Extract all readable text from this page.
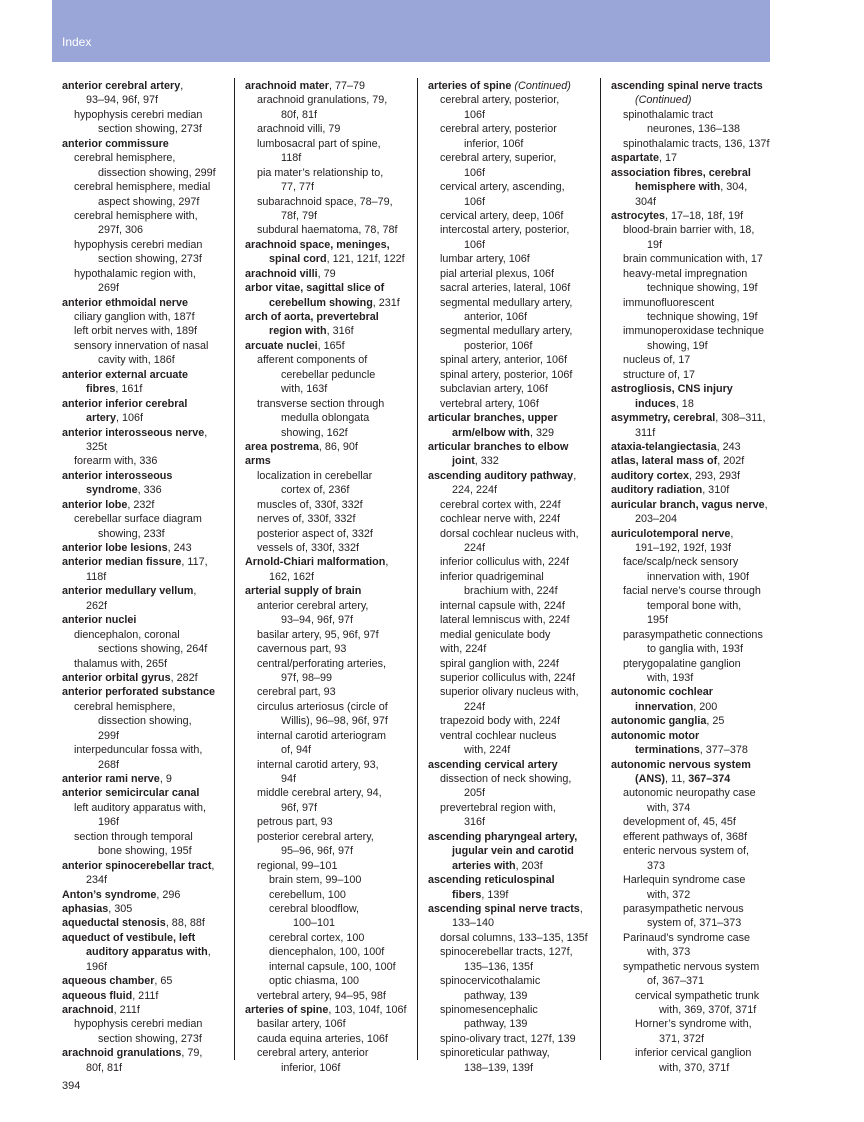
Index
anterior cerebral artery,
93–94, 96f, 97f
hypophysis cerebri median
section showing, 273f
anterior commissure
cerebral hemisphere,
dissection showing, 299f
cerebral hemisphere, medial
aspect showing, 297f
cerebral hemisphere with,
297f, 306
hypophysis cerebri median
section showing, 273f
hypothalamic region with,
269f
anterior ethmoidal nerve
ciliary ganglion with, 187f
left orbit nerves with, 189f
sensory innervation of nasal
cavity with, 186f
anterior external arcuate
fibres, 161f
anterior inferior cerebral
artery, 106f
anterior interosseous nerve,
325t
forearm with, 336
anterior interosseous
syndrome, 336
anterior lobe, 232f
cerebellar surface diagram
showing, 233f
anterior lobe lesions, 243
anterior median fissure, 117,
118f
anterior medullary vellum,
262f
anterior nuclei
diencephalon, coronal
sections showing, 264f
thalamus with, 265f
anterior orbital gyrus, 282f
anterior perforated substance
cerebral hemisphere,
dissection showing,
299f
interpeduncular fossa with,
268f
anterior rami nerve, 9
anterior semicircular canal
left auditory apparatus with,
196f
section through temporal
bone showing, 195f
anterior spinocerebellar tract,
234f
Anton’s syndrome, 296
aphasias, 305
aqueductal stenosis, 88, 88f
aqueduct of vestibule, left
auditory apparatus with,
196f
aqueous chamber, 65
aqueous fluid, 211f
arachnoid, 211f
hypophysis cerebri median
section showing, 273f
arachnoid granulations, 79,
80f, 81f
arachnoid mater, 77–79
arachnoid granulations, 79,
80f, 81f
arachnoid villi, 79
lumbosacral part of spine,
118f
pia mater’s relationship to,
77, 77f
subarachnoid space, 78–79,
78f, 79f
subdural haematoma, 78, 78f
arachnoid space, meninges,
spinal cord, 121, 121f, 122f
arachnoid villi, 79
arbor vitae, sagittal slice of
cerebellum showing, 231f
arch of aorta, prevertebral
region with, 316f
arcuate nuclei, 165f
afferent components of
cerebellar peduncle
with, 163f
transverse section through
medulla oblongata
showing, 162f
area postrema, 86, 90f
arms
localization in cerebellar
cortex of, 236f
muscles of, 330f, 332f
nerves of, 330f, 332f
posterior aspect of, 332f
vessels of, 330f, 332f
Arnold-Chiari malformation,
162, 162f
arterial supply of brain
anterior cerebral artery,
93–94, 96f, 97f
basilar artery, 95, 96f, 97f
cavernous part, 93
central/perforating arteries,
97f, 98–99
cerebral part, 93
circulus arteriosus (circle of
Willis), 96–98, 96f, 97f
internal carotid arteriogram
of, 94f
internal carotid artery, 93,
94f
middle cerebral artery, 94,
96f, 97f
petrous part, 93
posterior cerebral artery,
95–96, 96f, 97f
regional, 99–101
brain stem, 99–100
cerebellum, 100
cerebral bloodflow,
100–101
cerebral cortex, 100
diencephalon, 100, 100f
internal capsule, 100, 100f
optic chiasma, 100
vertebral artery, 94–95, 98f
arteries of spine, 103, 104f, 106f
basilar artery, 106f
cauda equina arteries, 106f
cerebral artery, anterior
inferior, 106f
arteries of spine (Continued)
cerebral artery, posterior,
106f
cerebral artery, posterior
inferior, 106f
cerebral artery, superior,
106f
cervical artery, ascending,
106f
cervical artery, deep, 106f
intercostal artery, posterior,
106f
lumbar artery, 106f
pial arterial plexus, 106f
sacral arteries, lateral, 106f
segmental medullary artery,
anterior, 106f
segmental medullary artery,
posterior, 106f
spinal artery, anterior, 106f
spinal artery, posterior, 106f
subclavian artery, 106f
vertebral artery, 106f
articular branches, upper
arm/elbow with, 329
articular branches to elbow
joint, 332
ascending auditory pathway,
224, 224f
cerebral cortex with, 224f
cochlear nerve with, 224f
dorsal cochlear nucleus with,
224f
inferior colliculus with, 224f
inferior quadrigeminal
brachium with, 224f
internal capsule with, 224f
lateral lemniscus with, 224f
medial geniculate body
with, 224f
spiral ganglion with, 224f
superior colliculus with, 224f
superior olivary nucleus with,
224f
trapezoid body with, 224f
ventral cochlear nucleus
with, 224f
ascending cervical artery
dissection of neck showing,
205f
prevertebral region with,
316f
ascending pharyngeal artery,
jugular vein and carotid
arteries with, 203f
ascending reticulospinal
fibers, 139f
ascending spinal nerve tracts,
133–140
dorsal columns, 133–135, 135f
spinocerebellar tracts, 127f,
135–136, 135f
spinocervicothalamic
pathway, 139
spinomesencephalic
pathway, 139
spino-olivary tract, 127f, 139
spinoreticular pathway,
138–139, 139f
ascending spinal nerve tracts
(Continued)
spinothalamic tract
neurones, 136–138
spinothalamic tracts, 136, 137f
aspartate, 17
association fibres, cerebral
hemisphere with, 304,
304f
astrocytes, 17–18, 18f, 19f
blood-brain barrier with, 18,
19f
brain communication with, 17
heavy-metal impregnation
technique showing, 19f
immunofluorescent
technique showing, 19f
immunoperoxidase technique
showing, 19f
nucleus of, 17
structure of, 17
astrogliosis, CNS injury
induces, 18
asymmetry, cerebral, 308–311,
311f
ataxia-telangiectasia, 243
atlas, lateral mass of, 202f
auditory cortex, 293, 293f
auditory radiation, 310f
auricular branch, vagus nerve,
203–204
auriculotemporal nerve,
191–192, 192f, 193f
face/scalp/neck sensory
innervation with, 190f
facial nerve’s course through
temporal bone with,
195f
parasympathetic connections
to ganglia with, 193f
pterygopalatine ganglion
with, 193f
autonomic cochlear
innervation, 200
autonomic ganglia, 25
autonomic motor
terminations, 377–378
autonomic nervous system
(ANS), 11, 367–374
autonomic neuropathy case
with, 374
development of, 45, 45f
efferent pathways of, 368f
enteric nervous system of,
373
Harlequin syndrome case
with, 372
parasympathetic nervous
system of, 371–373
Parinaud’s syndrome case
with, 373
sympathetic nervous system
of, 367–371
cervical sympathetic trunk
with, 369, 370f, 371f
Horner’s syndrome with,
371, 372f
inferior cervical ganglion
with, 370, 371f
394
